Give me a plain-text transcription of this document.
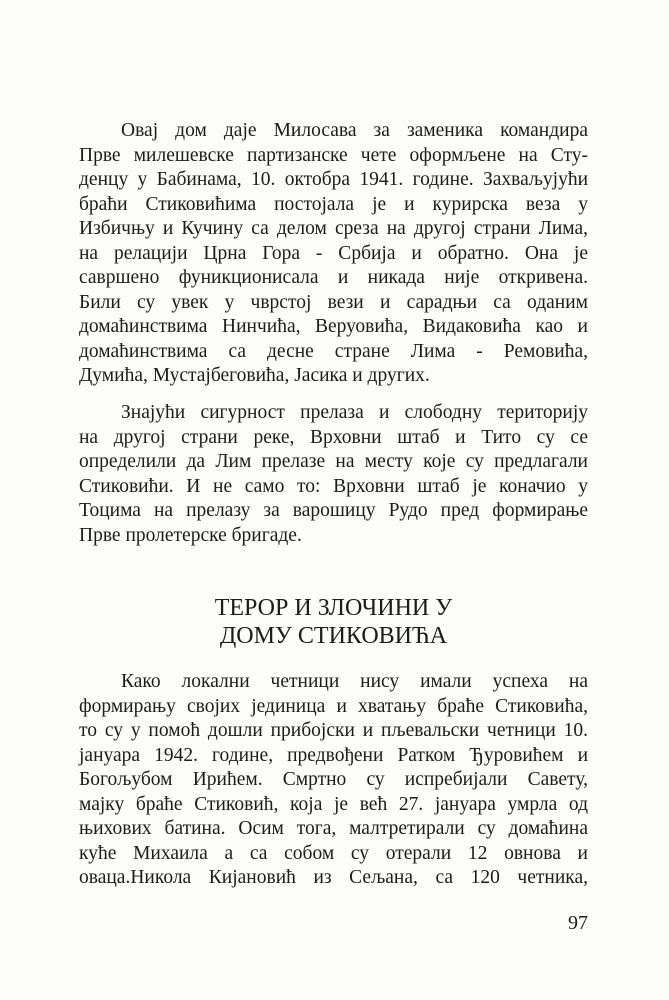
Овај дом даје Милосава за заменика командира
Прве милешевске партизанске чете оформљене на Сту-
денцу у Бабинама, 10. октобра 1941. године. Захваљујући
браћи Стиковићима постојала је и курирска веза у
Избичњу и Кучину са делом среза на другој страни Лима,
на релацији Црна Гора - Србија и обратно. Она је
савршено фуникционисала и никада није откривена.
Били су увек у чврстој вези и сарадњи са оданим
домаћинствима Нинчића, Веруовића, Видаковића као и
домаћинствима са десне стране Лима - Ремовића,
Думића, Мустајбеговића, Јасика и других.
Знајући сигурност прелаза и слободну територију
на другој страни реке, Врховни штаб и Тито су се
определили да Лим прелазе на месту које су предлагали
Стиковићи. И не само то: Врховни штаб је коначио у
Тоцима на прелазу за варошицу Рудо пред формирање
Прве пролетерске бригаде.
ТЕРОР И ЗЛОЧИНИ У
ДОМУ СТИКОВИЋА
Како локални четници нису имали успеха на
формирању својих јединица и хватању браће Стиковића,
то су у помоћ дошли прибојски и пљевальски четници 10.
јануара 1942. године, предвођени Ратком Ђуровићем и
Богољубом Ирићем. Смртно су испребијали Савету,
мајку браће Стиковић, која је већ 27. јануара умрла од
њихових батина. Осим тога, малтретирали су домаћина
куће Михаила а са собом су отерали 12 овнова и
оваца.Никола Кијановић из Сељана, са 120 четника,
97
